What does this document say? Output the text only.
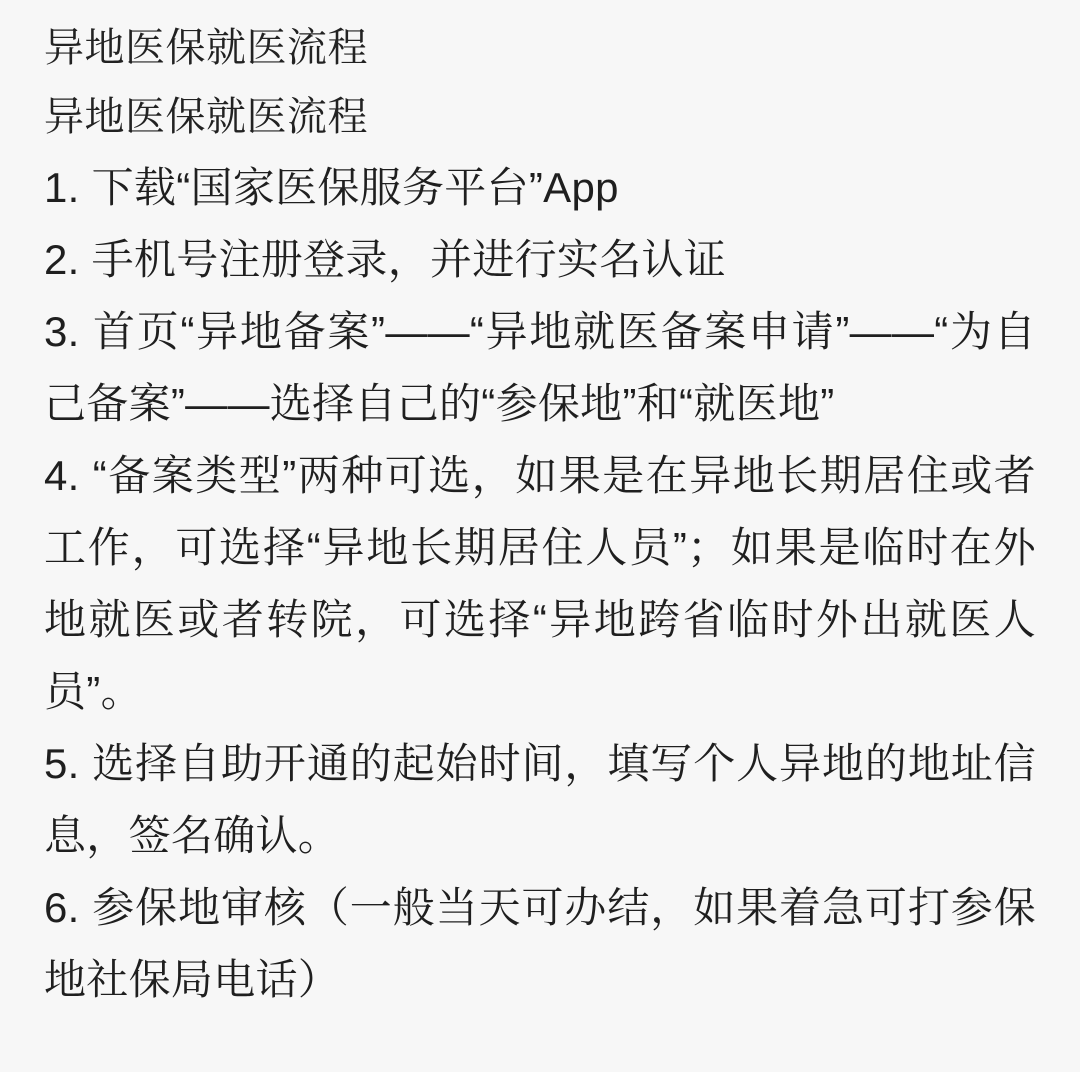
异地医保就医流程
异地医保就医流程
1. 下载“国家医保服务平台”App
2. 手机号注册登录，并进行实名认证
3. 首页“异地备案”——“异地就医备案申请”——“为自己备案”——选择自己的“参保地”和“就医地”
4. “备案类型”两种可选，如果是在异地长期居住或者工作，可选择“异地长期居住人员”；如果是临时在外地就医或者转院，可选择“异地跨省临时外出就医人员”。
5. 选择自助开通的起始时间，填写个人异地的地址信息，签名确认。
6. 参保地审核（一般当天可办结，如果着急可打参保地社保局电话）
